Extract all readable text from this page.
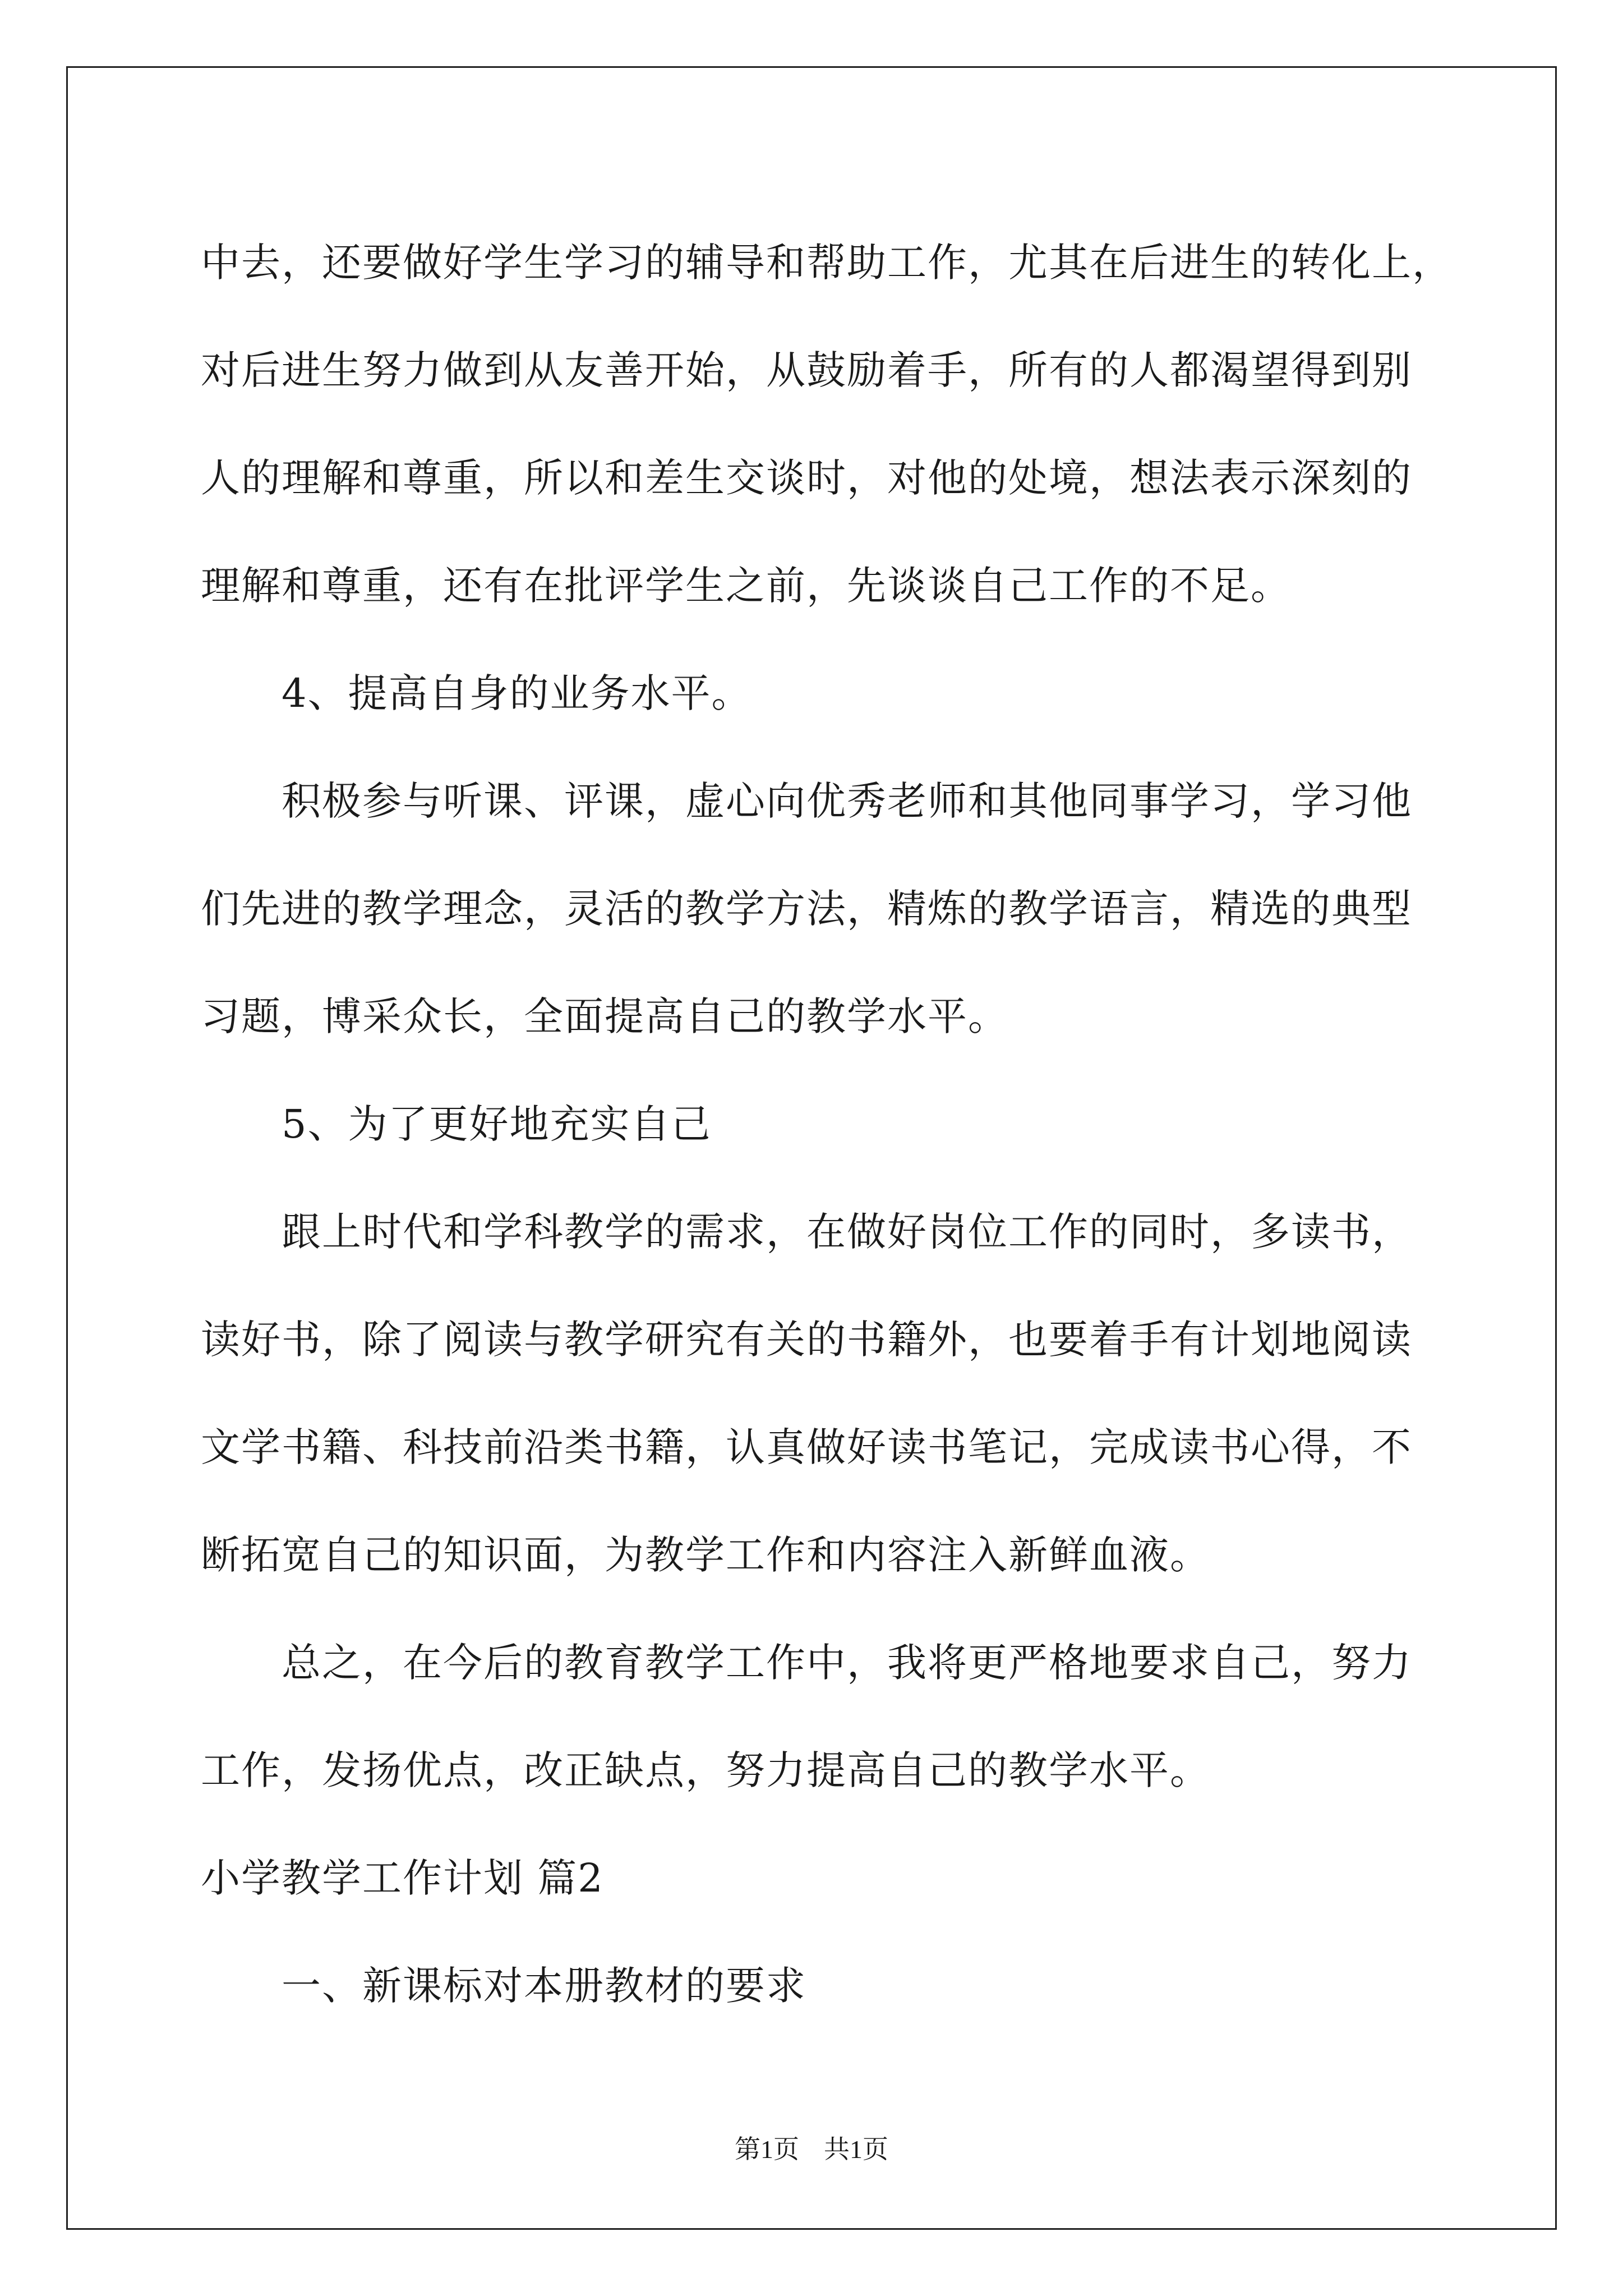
中去，还要做好学生学习的辅导和帮助工作，尤其在后进生的转化上，
对后进生努力做到从友善开始，从鼓励着手，所有的人都渴望得到别
人的理解和尊重，所以和差生交谈时，对他的处境，想法表示深刻的
理解和尊重，还有在批评学生之前，先谈谈自己工作的不足。
4、提高自身的业务水平。
积极参与听课、评课，虚心向优秀老师和其他同事学习，学习他
们先进的教学理念，灵活的教学方法，精炼的教学语言，精选的典型
习题，博采众长，全面提高自己的教学水平。
5、为了更好地充实自己
跟上时代和学科教学的需求，在做好岗位工作的同时，多读书，
读好书，除了阅读与教学研究有关的书籍外，也要着手有计划地阅读
文学书籍、科技前沿类书籍，认真做好读书笔记，完成读书心得，不
断拓宽自己的知识面，为教学工作和内容注入新鲜血液。
总之，在今后的教育教学工作中，我将更严格地要求自己，努力
工作，发扬优点，改正缺点，努力提高自己的教学水平。
小学教学工作计划 篇2
一、新课标对本册教材的要求
第1页 共1页
